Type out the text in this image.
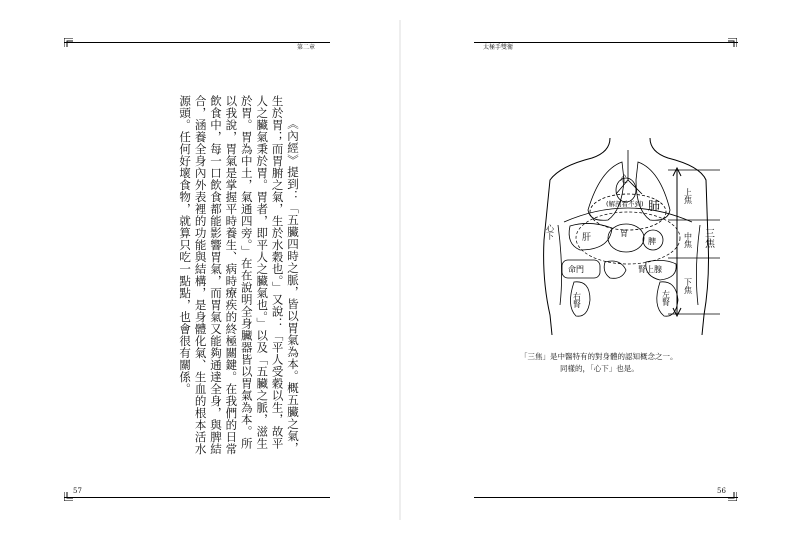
第二章

《內經》提到：「五臟四時之脈，皆以胃氣為本。概五臟之氣，生於胃；而胃腑之氣，生於水穀也。」又說：「平人受穀以生，故平人之臟氣秉於胃。胃者，即平人之臟氣也。」以及「五臟之脈，滋生於胃。胃為中土，氣通四旁。」在在說明全身臟器皆以胃氣為本。所以我說，胃氣是掌握平時養生、病時療疾的終極關鍵。在我們的日常飲食中，每一口飲食都能影響胃氣，而胃氣又能夠通達全身，與脾結合，涵養全身內外表裡的功能與結構，是身體化氣、生血的根本活水源頭。任何好壞食物，就算只吃一點點，也會很有關係。

57
太極手雙衛
心
(解剖看不到) 肺
心下	肝	胃
脾
命門	腎上腺
右腎	左腎
上焦
中焦
下焦
三焦
「三焦」是中醫特有的對身體的認知概念之一。
同樣的，「心下」也是。
56
